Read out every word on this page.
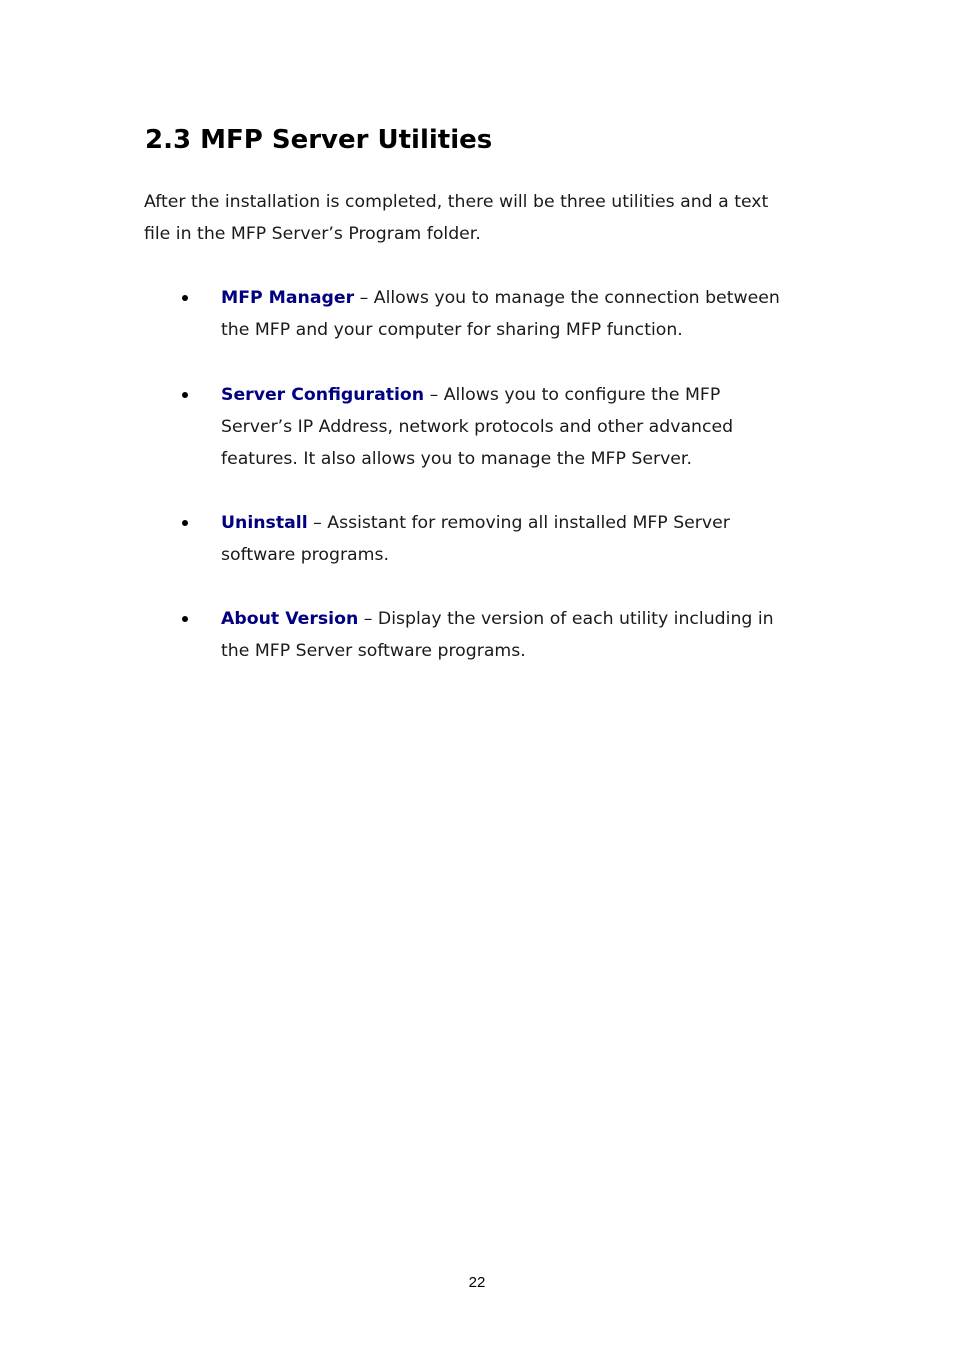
2.3 MFP Server Utilities

After the installation is completed, there will be three utilities and a text
file in the MFP Server’s Program folder.

MFP Manager – Allows you to manage the connection between
the MFP and your computer for sharing MFP function.
Server Configuration – Allows you to configure the MFP
Server’s IP Address, network protocols and other advanced
features. It also allows you to manage the MFP Server.
Uninstall – Assistant for removing all installed MFP Server
software programs.
About Version – Display the version of each utility including in
the MFP Server software programs.
22
